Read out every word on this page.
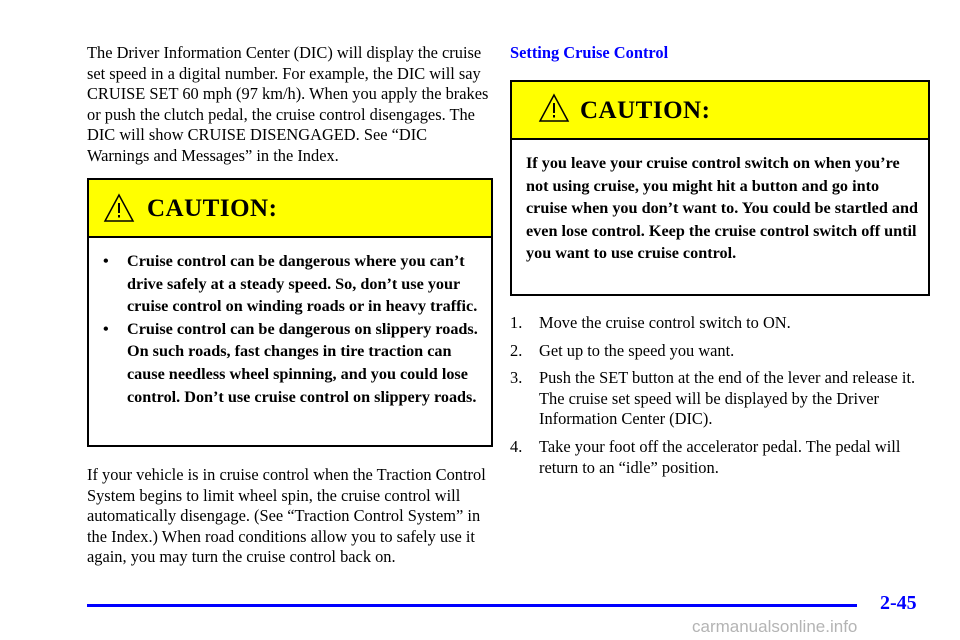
The Driver Information Center (DIC) will display the cruise set speed in a digital number. For example, the DIC will say CRUISE SET 60 mph (97 km/h). When you apply the brakes or push the clutch pedal, the cruise control disengages. The DIC will show CRUISE DISENGAGED. See “DIC Warnings and Messages” in the Index.

CAUTION:
• Cruise control can be dangerous where you can’t drive safely at a steady speed. So, don’t use your cruise control on winding roads or in heavy traffic.
• Cruise control can be dangerous on slippery roads. On such roads, fast changes in tire traction can cause needless wheel spinning, and you could lose control. Don’t use cruise control on slippery roads.

If your vehicle is in cruise control when the Traction Control System begins to limit wheel spin, the cruise control will automatically disengage. (See “Traction Control System” in the Index.) When road conditions allow you to safely use it again, you may turn the cruise control back on.

Setting Cruise Control
CAUTION:
If you leave your cruise control switch on when you’re not using cruise, you might hit a button and go into cruise when you don’t want to. You could be startled and even lose control. Keep the cruise control switch off until you want to use cruise control.
1. Move the cruise control switch to ON.
2. Get up to the speed you want.
3. Push the SET button at the end of the lever and release it. The cruise set speed will be displayed by the Driver Information Center (DIC).
4. Take your foot off the accelerator pedal. The pedal will return to an “idle” position.
2-45
carmanualsonline.info
